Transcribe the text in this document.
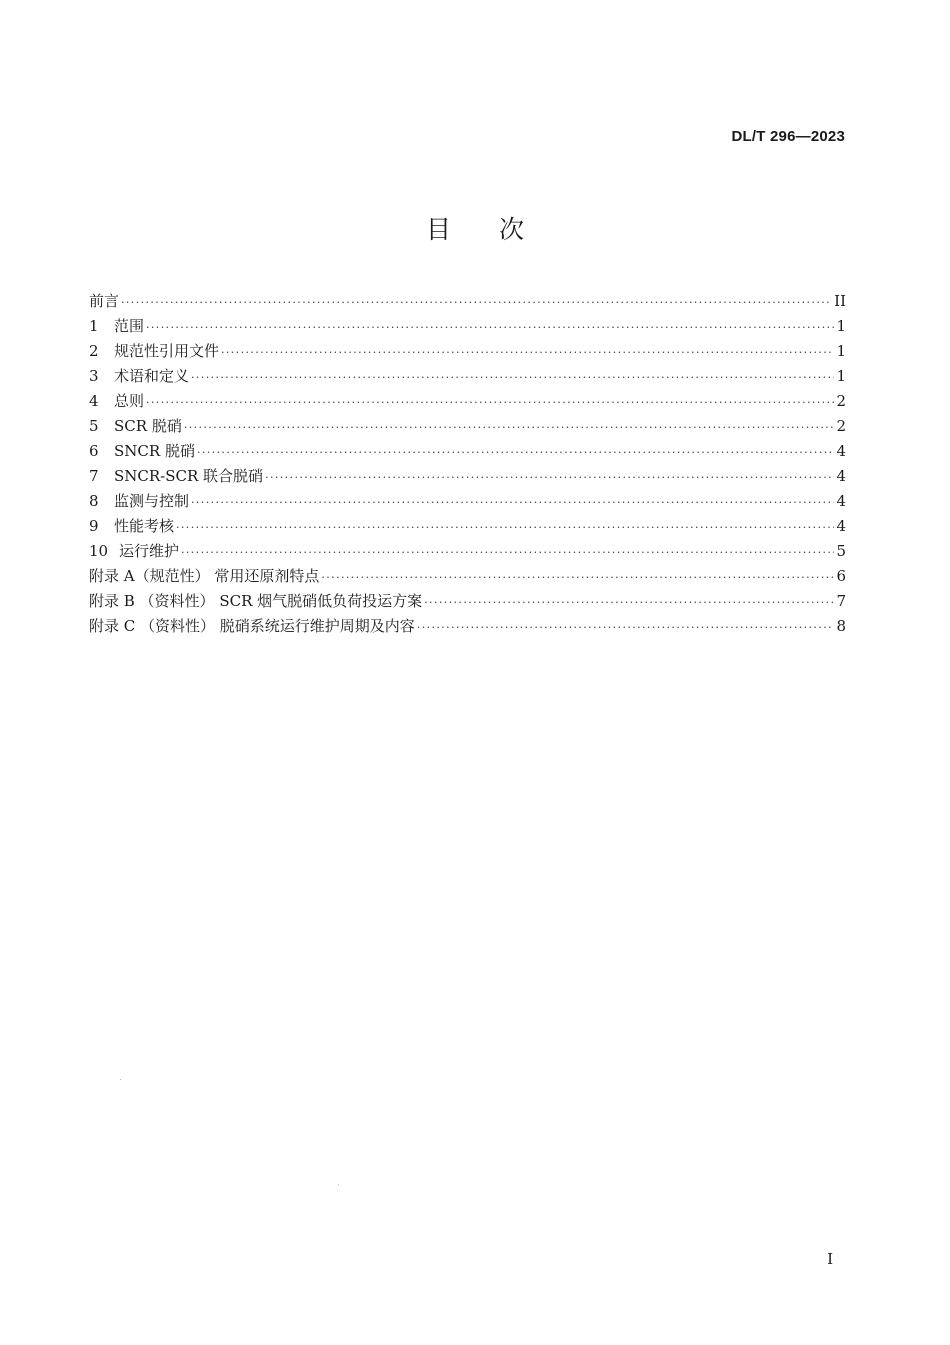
DL/T 296—2023
目次
前言 ·····	II
1	范围 ·····	1
2	规范性引用文件 ·····	1
3	术语和定义 ·····	1
4	总则 ·····	2
5	SCR 脱硝 ·····	2
6	SNCR 脱硝 ·····	4
7	SNCR-SCR 联合脱硝 ·····	4
8	监测与控制 ·····	4
9	性能考核 ·····	4
10 运行维护 ·····	5
附录 A（规范性） 常用还原剂特点 ·····	6
附录 B （资料性） SCR 烟气脱硝低负荷投运方案 ·····	7
附录 C （资料性） 脱硝系统运行维护周期及内容 ·····	8
I
